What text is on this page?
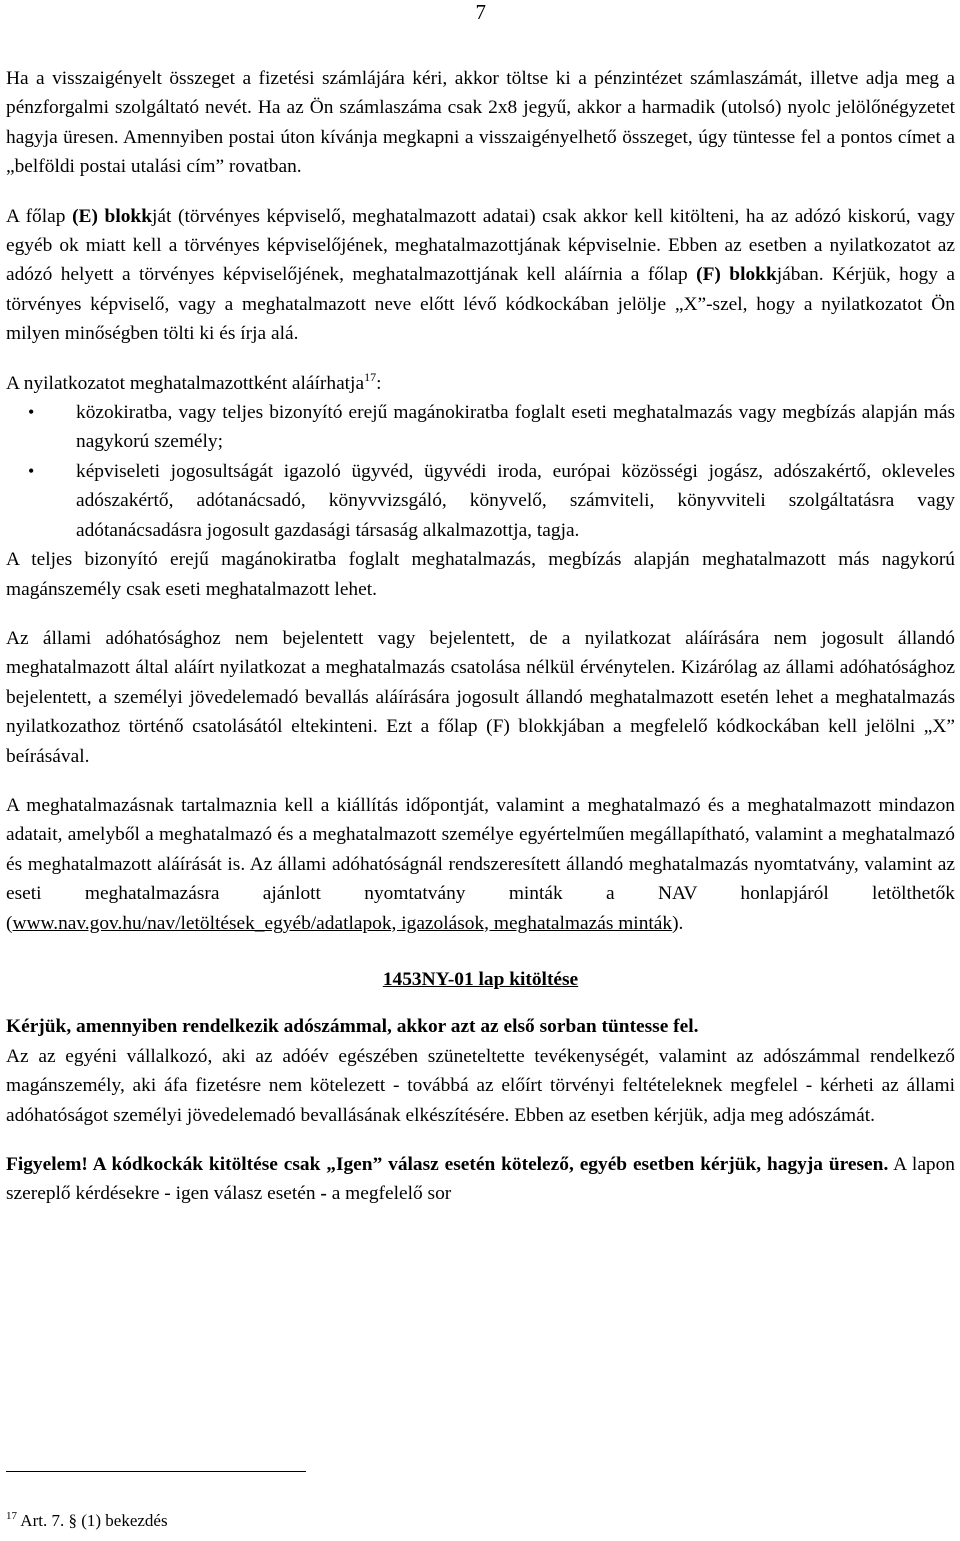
7

Ha a visszaigényelt összeget a fizetési számlájára kéri, akkor töltse ki a pénzintézet számlaszámát, illetve adja meg a pénzforgalmi szolgáltató nevét. Ha az Ön számlaszáma csak 2x8 jegyű, akkor a harmadik (utolsó) nyolc jelölőnégyzetet hagyja üresen. Amennyiben postai úton kívánja megkapni a visszaigényelhető összeget, úgy tüntesse fel a pontos címet a „belföldi postai utalási cím” rovatban.

A főlap (E) blokkját (törvényes képviselő, meghatalmazott adatai) csak akkor kell kitölteni, ha az adózó kiskorú, vagy egyéb ok miatt kell a törvényes képviselőjének, meghatalmazottjának képviselnie. Ebben az esetben a nyilatkozatot az adózó helyett a törvényes képviselőjének, meghatalmazottjának kell aláírnia a főlap (F) blokkjában. Kérjük, hogy a törvényes képviselő, vagy a meghatalmazott neve előtt lévő kódkockában jelölje „X”-szel, hogy a nyilatkozatot Ön milyen minőségben tölti ki és írja alá.

A nyilatkozatot meghatalmazottként aláírhatja$^{17}$:

• közokiratba, vagy teljes bizonyító erejű magánokiratba foglalt eseti meghatalmazás vagy megbízás alapján más nagykorú személy;
• képviseleti jogosultságát igazoló ügyvéd, ügyvédi iroda, európai közösségi jogász, adószakértő, okleveles adószakértő, adótanácsadó, könyvvizsgáló, könyvelő, számviteli, könyvviteli szolgáltatásra vagy adótanácsadásra jogosult gazdasági társaság alkalmazottja, tagja.

A teljes bizonyító erejű magánokiratba foglalt meghatalmazás, megbízás alapján meghatalmazott más nagykorú magánszemély csak eseti meghatalmazott lehet.

Az állami adóhatósághoz nem bejelentett vagy bejelentett, de a nyilatkozat aláírására nem jogosult állandó meghatalmazott által aláírt nyilatkozat a meghatalmazás csatolása nélkül érvénytelen. Kizárólag az állami adóhatósághoz bejelentett, a személyi jövedelemadó bevallás aláírására jogosult állandó meghatalmazott esetén lehet a meghatalmazás nyilatkozathoz történő csatolásától eltekinteni. Ezt a főlap (F) blokkjában a megfelelő kódkockában kell jelölni „X” beírásával.

A meghatalmazásnak tartalmaznia kell a kiállítás időpontját, valamint a meghatalmazó és a meghatalmazott mindazon adatait, amelyből a meghatalmazó és a meghatalmazott személye egyértelműen megállapítható, valamint a meghatalmazó és meghatalmazott aláírását is. Az állami adóhatóságnál rendszeresített állandó meghatalmazás nyomtatvány, valamint az eseti meghatalmazásra ajánlott nyomtatvány minták a NAV honlapjáról letölthetők (www.nav.gov.hu/nav/letöltések_egyéb/adatlapok, igazolások, meghatalmazás minták).

1453NY-01 lap kitöltése

Kérjük, amennyiben rendelkezik adószámmal, akkor azt az első sorban tüntesse fel.
Az az egyéni vállalkozó, aki az adóév egészében szüneteltette tevékenységét, valamint az adószámmal rendelkező magánszemély, aki áfa fizetésre nem kötelezett - továbbá az előírt törvényi feltételeknek megfelel - kérheti az állami adóhatóságot személyi jövedelemadó bevallásának elkészítésére. Ebben az esetben kérjük, adja meg adószámát.

Figyelem! A kódkockák kitöltése csak „Igen” válasz esetén kötelező, egyéb esetben kérjük, hagyja üresen. A lapon szereplő kérdésekre - igen válasz esetén - a megfelelő sor

$^{17}$ Art. 7. § (1) bekezdés
